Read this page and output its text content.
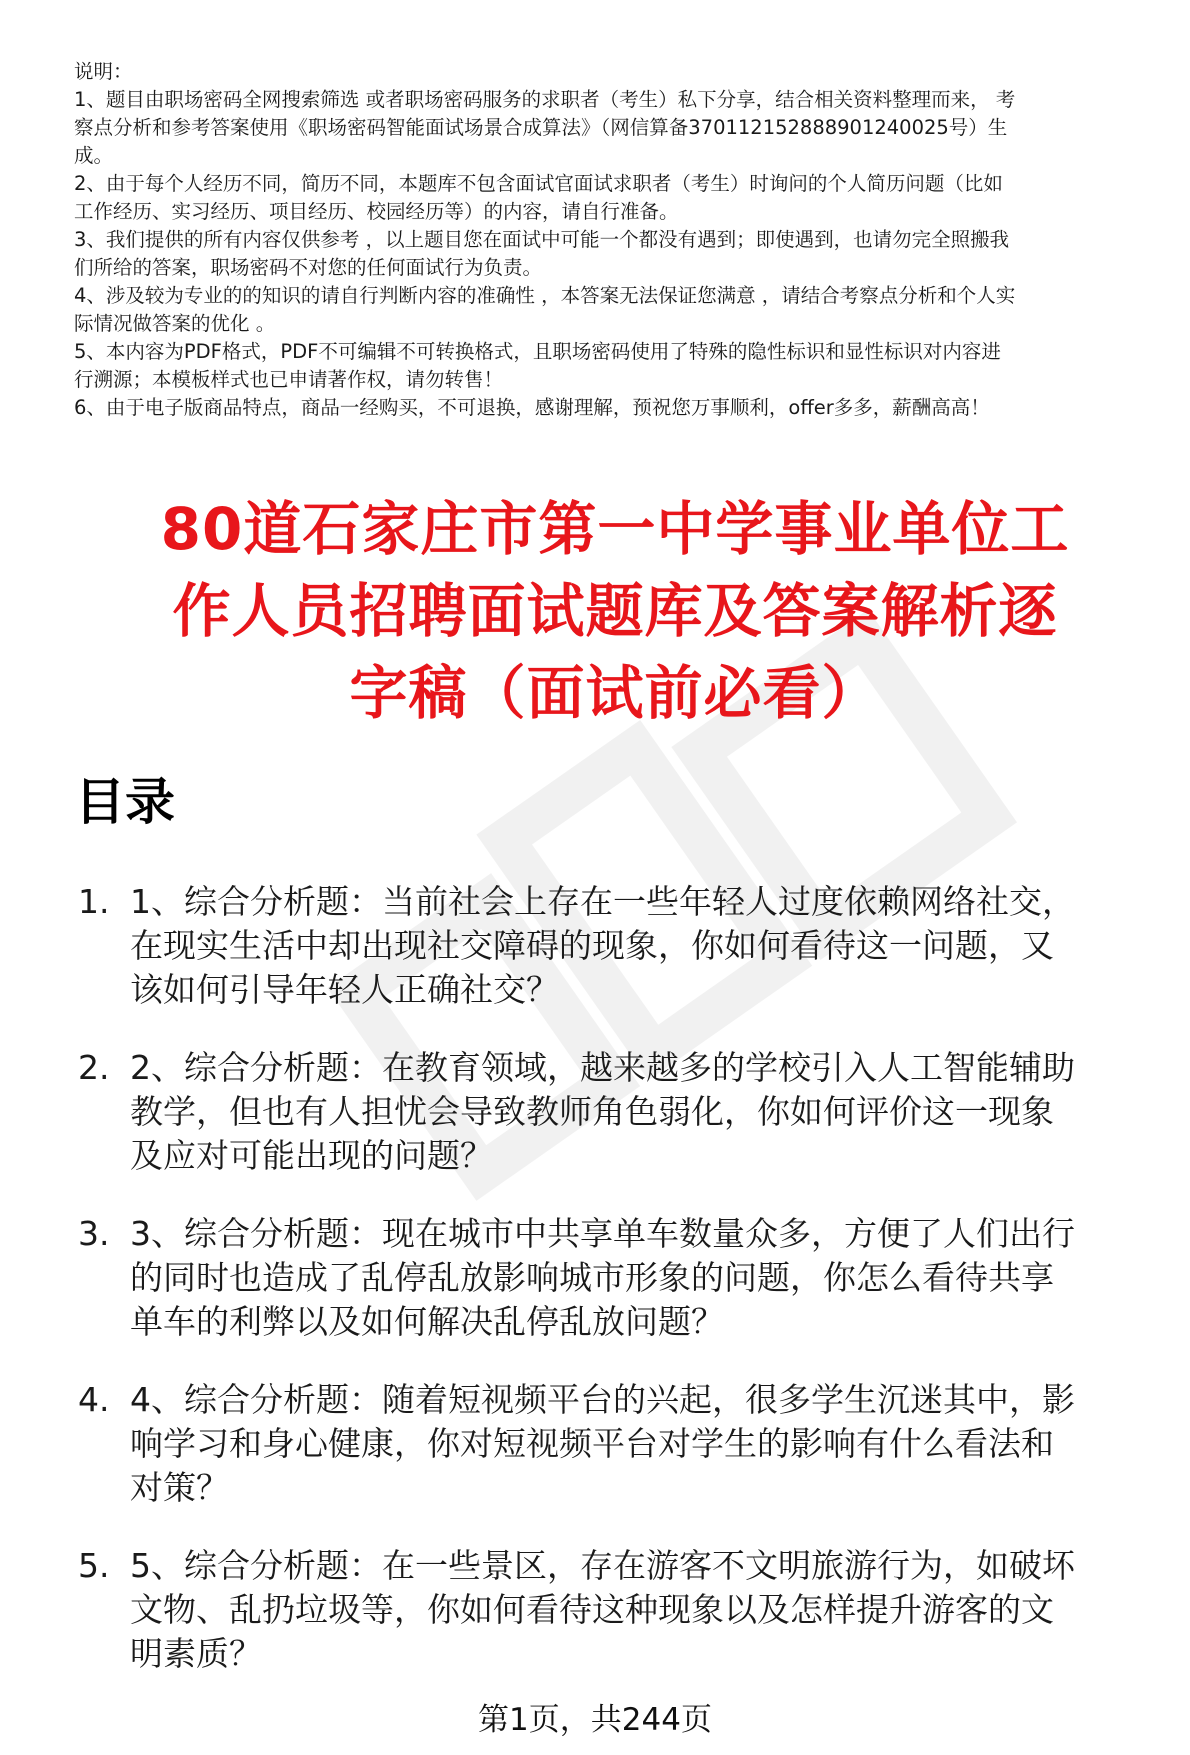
说明：

1、题目由职场密码全网搜索筛选 或者职场密码服务的求职者（考生）私下分享，结合相关资料整理而来， 考

察点分析和参考答案使用《职场密码智能面试场景合成算法》（网信算备370112152888901240025号）生

成。

2、由于每个人经历不同，简历不同，本题库不包含面试官面试求职者（考生）时询问的个人简历问题（比如

工作经历、实习经历、项目经历、校园经历等）的内容，请自行准备。

3、我们提供的所有内容仅供参考 ，以上题目您在面试中可能一个都没有遇到；即使遇到，也请勿完全照搬我

们所给的答案，职场密码不对您的任何面试行为负责。

4、涉及较为专业的的知识的请自行判断内容的准确性 ，本答案无法保证您满意 ，请结合考察点分析和个人实

际情况做答案的优化 。

5、本内容为PDF格式，PDF不可编辑不可转换格式，且职场密码使用了特殊的隐性标识和显性标识对内容进

行溯源；本模板样式也已申请著作权，请勿转售！

6、由于电子版商品特点，商品一经购买，不可退换，感谢理解，预祝您万事顺利，offer多多，薪酬高高！

80道石家庄市第一中学事业单位工
作人员招聘面试题库及答案解析逐
字稿（面试前必看）
目录
1. 1、综合分析题：当前社会上存在一些年轻人过度依赖网络社交，
在现实生活中却出现社交障碍的现象，你如何看待这一问题，又
该如何引导年轻人正确社交？
2. 2、综合分析题：在教育领域，越来越多的学校引入人工智能辅助
教学，但也有人担忧会导致教师角色弱化，你如何评价这一现象
及应对可能出现的问题？
3. 3、综合分析题：现在城市中共享单车数量众多，方便了人们出行
的同时也造成了乱停乱放影响城市形象的问题，你怎么看待共享
单车的利弊以及如何解决乱停乱放问题？
4. 4、综合分析题：随着短视频平台的兴起，很多学生沉迷其中，影
响学习和身心健康，你对短视频平台对学生的影响有什么看法和
对策？
5. 5、综合分析题：在一些景区，存在游客不文明旅游行为，如破坏
文物、乱扔垃圾等，你如何看待这种现象以及怎样提升游客的文
明素质？
第1页，共244页
